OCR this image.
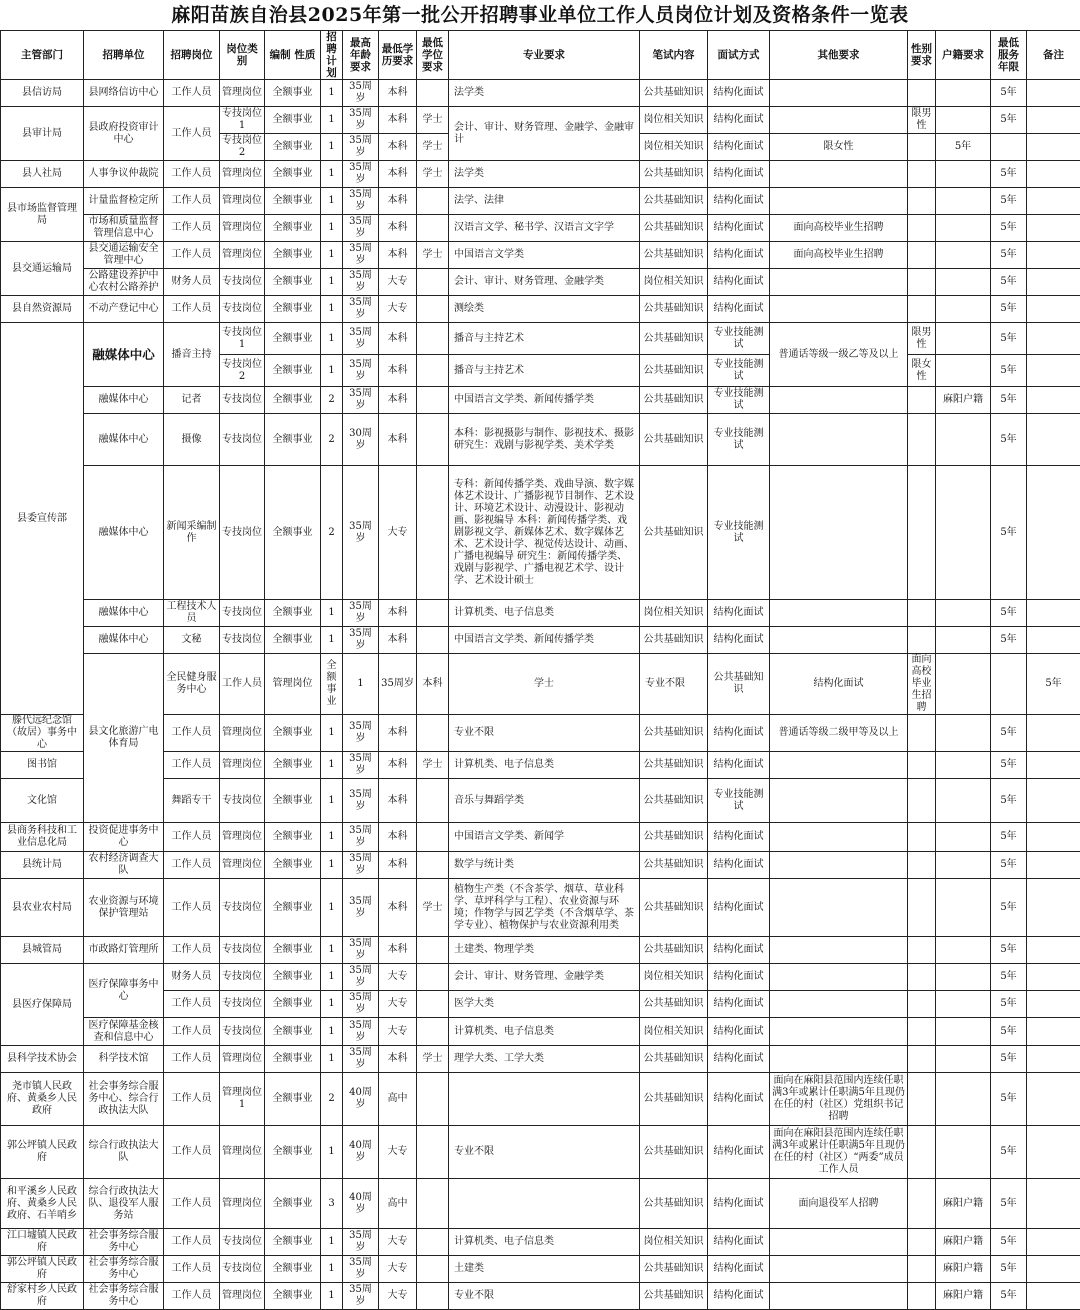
麻阳苗族自治县2025年第一批公开招聘事业单位工作人员岗位计划及资格条件一览表
主管部门	招聘单位	招聘岗位	岗位类别	编制 性质	招聘计划	最高年龄要求	最低学历要求	最低学位要求	专业要求	笔试内容	面试方式	其他要求	性别要求	户籍要求	最低服务年限	备注	
县信访局	县网络信访中心	工作人员	管理岗位	全额事业	1	35周岁	本科		法学类	公共基础知识	结构化面试				5年		
县审计局	县政府投资审计中心	工作人员	专技岗位1	全额事业	1	35周岁	本科	学士	会计、审计、财务管理、金融学、金融审计	岗位相关知识	结构化面试		限男性		5年		
			专技岗位2	全额事业	1	35周岁	本科	学士		岗位相关知识	结构化面试	限女性		5年			
县人社局	人事争议仲裁院	工作人员	管理岗位	全额事业	1	35周岁	本科	学士	法学类	公共基础知识	结构化面试				5年		
县市场监督管理局	计量监督检定所	工作人员	管理岗位	全额事业	1	35周岁	本科		法学、法律	公共基础知识	结构化面试				5年		
	市场和质量监督管理信息中心	工作人员	管理岗位	全额事业	1	35周岁	本科		汉语言文学、秘书学、汉语言文字学	公共基础知识	结构化面试	面向高校毕业生招聘			5年		
县交通运输局	县交通运输安全管理中心	工作人员	管理岗位	全额事业	1	35周岁	本科	学士	中国语言文学类	公共基础知识	结构化面试	面向高校毕业生招聘			5年		
	公路建设养护中心农村公路养护	财务人员	专技岗位	全额事业	1	35周岁	大专		会计、审计、财务管理、金融学类	岗位相关知识	结构化面试				5年		
县自然资源局	不动产登记中心	工作人员	专技岗位	全额事业	1	35周岁	大专		测绘类	公共基础知识	结构化面试				5年		
县委宣传部	融媒体中心	播音主持	专技岗位1	全额事业	1	35周岁	本科		播音与主持艺术	公共基础知识	专业技能测试	普通话等级一级乙等及以上	限男性		5年		
			专技岗位2	全额事业	1	35周岁	本科		播音与主持艺术	公共基础知识	专业技能测试		限女性		5年		
	融媒体中心	记者	专技岗位	全额事业	2	35周岁	本科		中国语言文学类、新闻传播学类	公共基础知识	专业技能测试			麻阳户籍	5年		
	融媒体中心	摄像	专技岗位	全额事业	2	30周岁	本科		本科：影视摄影与制作、影视技术、摄影 研究生：戏剧与影视学类、美术学类	公共基础知识	专业技能测试				5年		
	融媒体中心	新闻采编制作	专技岗位	全额事业	2	35周岁	大专		专科：新闻传播学类、戏曲导演、数字媒体艺术设计、广播影视节目制作、艺术设计、环境艺术设计、动漫设计、影视动画、影视编导 本科：新闻传播学类、戏剧影视文学、新媒体艺术、数字媒体艺术、艺术设计学、视觉传达设计、动画、广播电视编导 研究生：新闻传播学类、戏剧与影视学、广播电视艺术学、设计学、艺术设计硕士	公共基础知识	专业技能测试				5年		
	融媒体中心	工程技术人员	专技岗位	全额事业	1	35周岁	本科		计算机类、电子信息类	岗位相关知识	结构化面试				5年		
	融媒体中心	文秘	专技岗位	全额事业	1	35周岁	本科		中国语言文学类、新闻传播学类	公共基础知识	结构化面试				5年		
	县文化旅游广电体育局	全民健身服务中心	工作人员	管理岗位	全额事业	1	35周岁	本科	学士	专业不限	公共基础知识	结构化面试	面向高校毕业生招聘			5年	
滕代远纪念馆（故居）事务中心		工作人员	管理岗位	全额事业	1	35周岁	本科		专业不限	公共基础知识	结构化面试	普通话等级二级甲等及以上			5年		
图书馆		工作人员	管理岗位	全额事业	1	35周岁	本科	学士	计算机类、电子信息类	公共基础知识	结构化面试				5年		
文化馆		舞蹈专干	专技岗位	全额事业	1	35周岁	本科		音乐与舞蹈学类	公共基础知识	专业技能测试				5年		
县商务科技和工业信息化局	投资促进事务中心	工作人员	管理岗位	全额事业	1	35周岁	本科		中国语言文学类、新闻学	公共基础知识	结构化面试				5年		
县统计局	农村经济调查大队	工作人员	管理岗位	全额事业	1	35周岁	本科		数学与统计类	公共基础知识	结构化面试				5年		
县农业农村局	农业资源与环境保护管理站	工作人员	专技岗位	全额事业	1	35周岁	本科	学士	植物生产类（不含茶学、烟草、草业科学、草坪科学与工程）、农业资源与环境；作物学与园艺学类（不含烟草学、茶学专业）、植物保护与农业资源利用类	公共基础知识	结构化面试				5年		
县城管局	市政路灯管理所	工作人员	专技岗位	全额事业	1	35周岁	本科		土建类、物理学类	公共基础知识	结构化面试				5年		
县医疗保障局	医疗保障事务中心	财务人员	专技岗位	全额事业	1	35周岁	大专		会计、审计、财务管理、金融学类	岗位相关知识	结构化面试				5年		
		工作人员	专技岗位	全额事业	1	35周岁	大专		医学大类	公共基础知识	结构化面试				5年		
	医疗保障基金核查和信息中心	工作人员	专技岗位	全额事业	1	35周岁	大专		计算机类、电子信息类	岗位相关知识	结构化面试				5年		
县科学技术协会	科学技术馆	工作人员	管理岗位	全额事业	1	35周岁	本科	学士	理学大类、工学大类	公共基础知识	结构化面试				5年		
尧市镇人民政府、黄桑乡人民政府	社会事务综合服务中心、综合行政执法大队	工作人员	管理岗位1	全额事业	2	40周岁	高中			公共基础知识	结构化面试	面向在麻阳县范围内连续任职满3年或累计任职满5年且现仍在任的村（社区）党组织书记招聘			5年		
郭公坪镇人民政府	综合行政执法大队	工作人员	管理岗位	全额事业	1	40周岁	大专		专业不限	公共基础知识	结构化面试	面向在麻阳县范围内连续任职满3年或累计任职满5年且现仍在任的村（社区）“两委”成员工作人员			5年		
和平溪乡人民政府、黄桑乡人民政府、石羊哨乡	综合行政执法大队、退役军人服务站	工作人员	管理岗位	全额事业	3	40周岁	高中			公共基础知识	结构化面试	面向退役军人招聘		麻阳户籍	5年		
江口墟镇人民政府	社会事务综合服务中心	工作人员	专技岗位	全额事业	1	35周岁	大专		计算机类、电子信息类	岗位相关知识	结构化面试			麻阳户籍	5年		
郭公坪镇人民政府	社会事务综合服务中心	工作人员	专技岗位	全额事业	1	35周岁	大专		土建类	公共基础知识	结构化面试			麻阳户籍	5年		
舒家村乡人民政府	社会事务综合服务中心	工作人员	管理岗位	全额事业	1	35周岁	大专		专业不限	公共基础知识	结构化面试			麻阳户籍	5年		
